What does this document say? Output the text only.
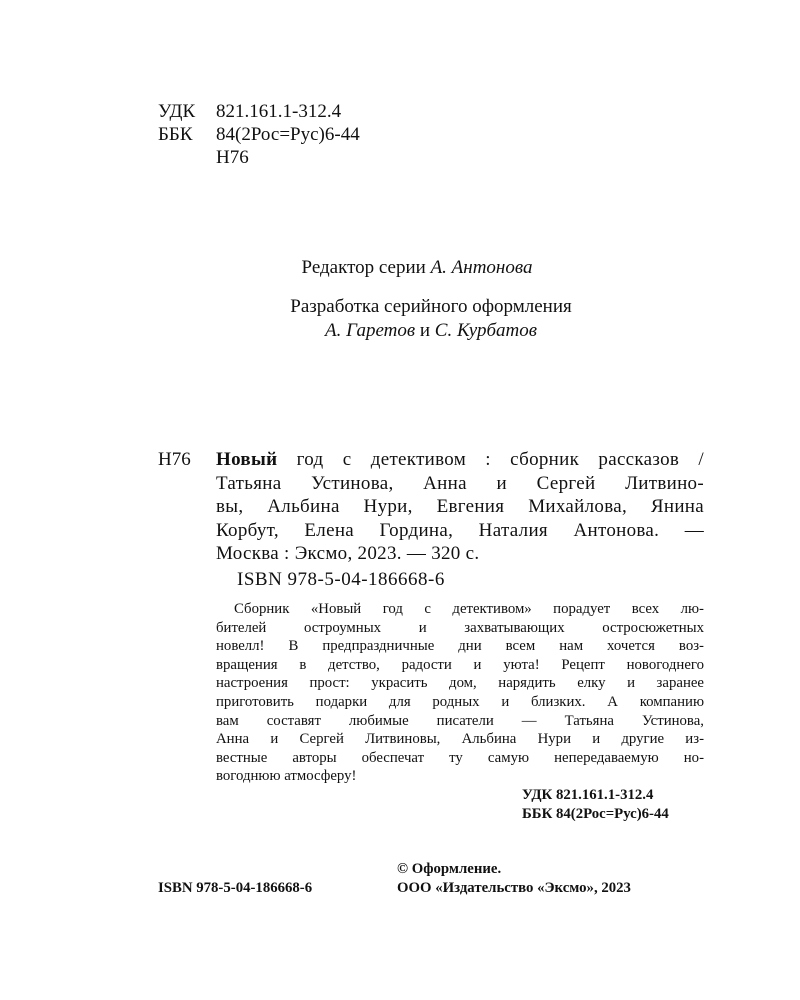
УДК	821.161.1-312.4
ББК	84(2Рос=Рус)6-44
	Н76
Редактор серии А. Антонова
Разработка серийного оформления
А. Гаретов и С. Курбатов
Н76 Новый год с детективом : сборник рассказов /
Татьяна Устинова, Анна и Сергей Литвино-
вы, Альбина Нури, Евгения Михайлова, Янина
Корбут, Елена Гордина, Наталия Антонова. —
Москва : Эксмо, 2023. — 320 с.
ISBN 978-5-04-186668-6
Сборник «Новый год с детективом» порадует всех лю-
бителей остроумных и захватывающих остросюжетных
новелл! В предпраздничные дни всем нам хочется воз-
вращения в детство, радости и уюта! Рецепт новогоднего
настроения прост: украсить дом, нарядить елку и заранее
приготовить подарки для родных и близких. А компанию
вам составят любимые писатели — Татьяна Устинова,
Анна и Сергей Литвиновы, Альбина Нури и другие из-
вестные авторы обеспечат ту самую непередаваемую но-
вогоднюю атмосферу!
УДК 821.161.1-312.4
ББК 84(2Рос=Рус)6-44
© Оформление.
ООО «Издательство «Эксмо», 2023
ISBN 978-5-04-186668-6
